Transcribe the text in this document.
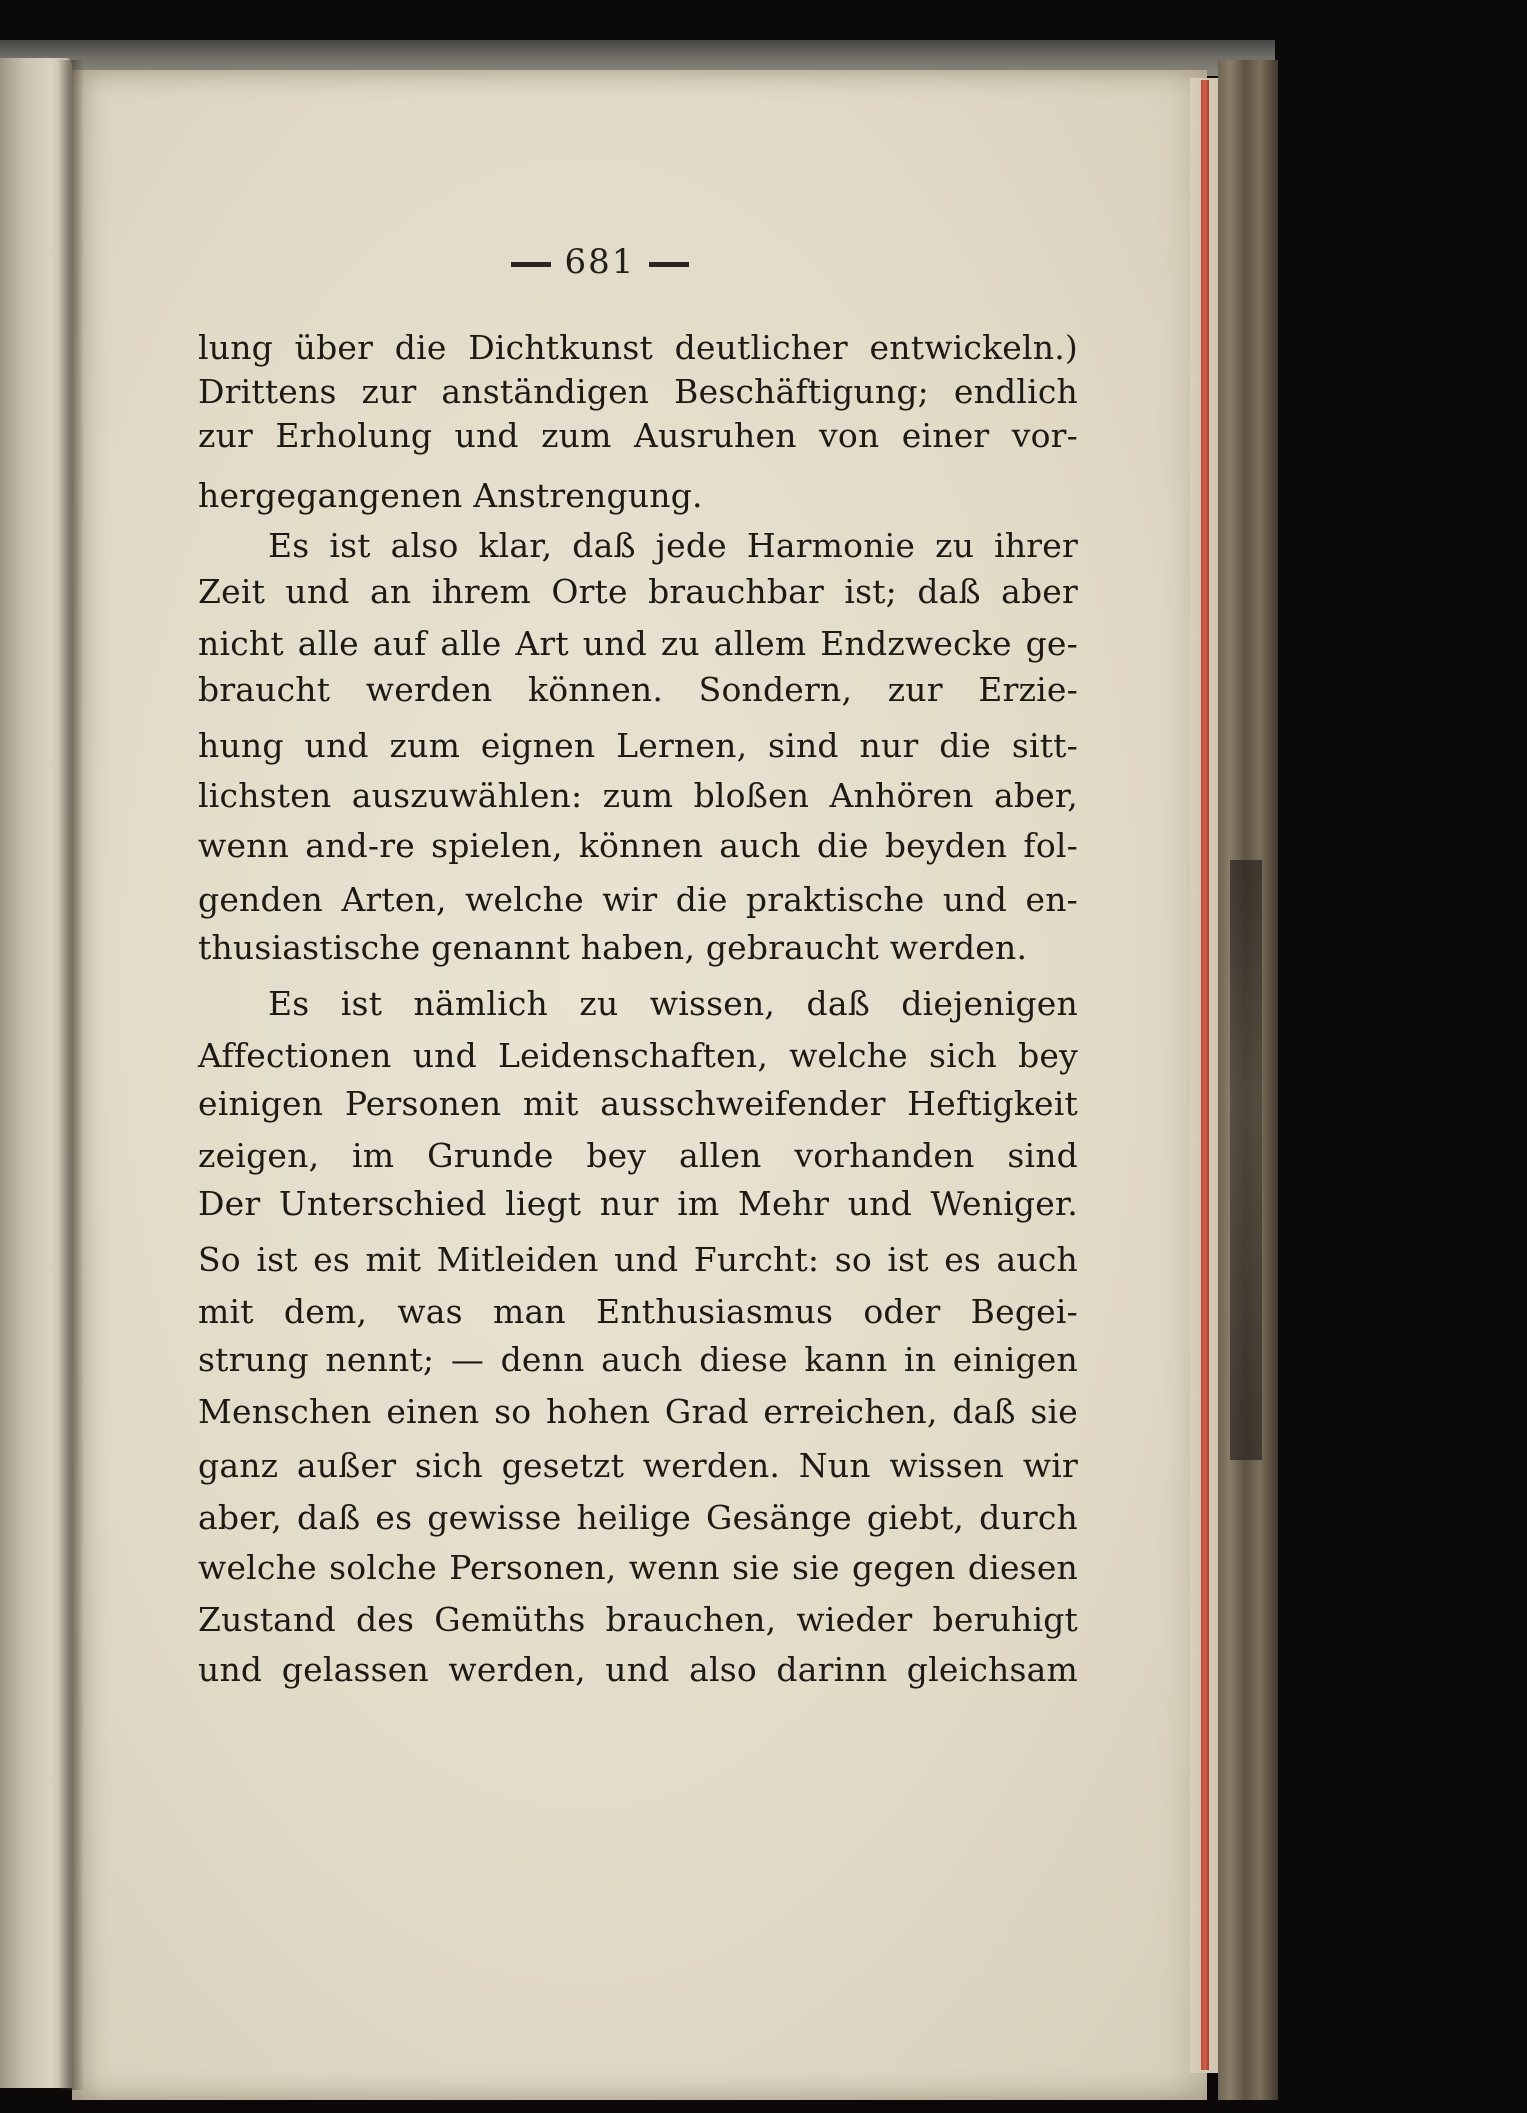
681
lung über die Dichtkunst deutlicher entwickeln.)
Drittens zur anständigen Beschäftigung; endlich
zur Erholung und zum Ausruhen von einer vor-
hergegangenen Anstrengung.
Es ist also klar, daß jede Harmonie zu ihrer
Zeit und an ihrem Orte brauchbar ist; daß aber
nicht alle auf alle Art und zu allem Endzwecke ge-
braucht werden können. Sondern, zur Erzie-
hung und zum eignen Lernen, sind nur die sitt-
lichsten auszuwählen: zum bloßen Anhören aber,
wenn and-re spielen, können auch die beyden fol-
genden Arten, welche wir die praktische und en-
thusiastische genannt haben, gebraucht werden.
Es ist nämlich zu wissen, daß diejenigen
Affectionen und Leidenschaften, welche sich bey
einigen Personen mit ausschweifender Heftigkeit
zeigen, im Grunde bey allen vorhanden sind
Der Unterschied liegt nur im Mehr und Weniger.
So ist es mit Mitleiden und Furcht: so ist es auch
mit dem, was man Enthusiasmus oder Begei-
strung nennt; — denn auch diese kann in einigen
Menschen einen so hohen Grad erreichen, daß sie
ganz außer sich gesetzt werden. Nun wissen wir
aber, daß es gewisse heilige Gesänge giebt, durch
welche solche Personen, wenn sie sie gegen diesen
Zustand des Gemüths brauchen, wieder beruhigt
und gelassen werden, und also darinn gleichsam
